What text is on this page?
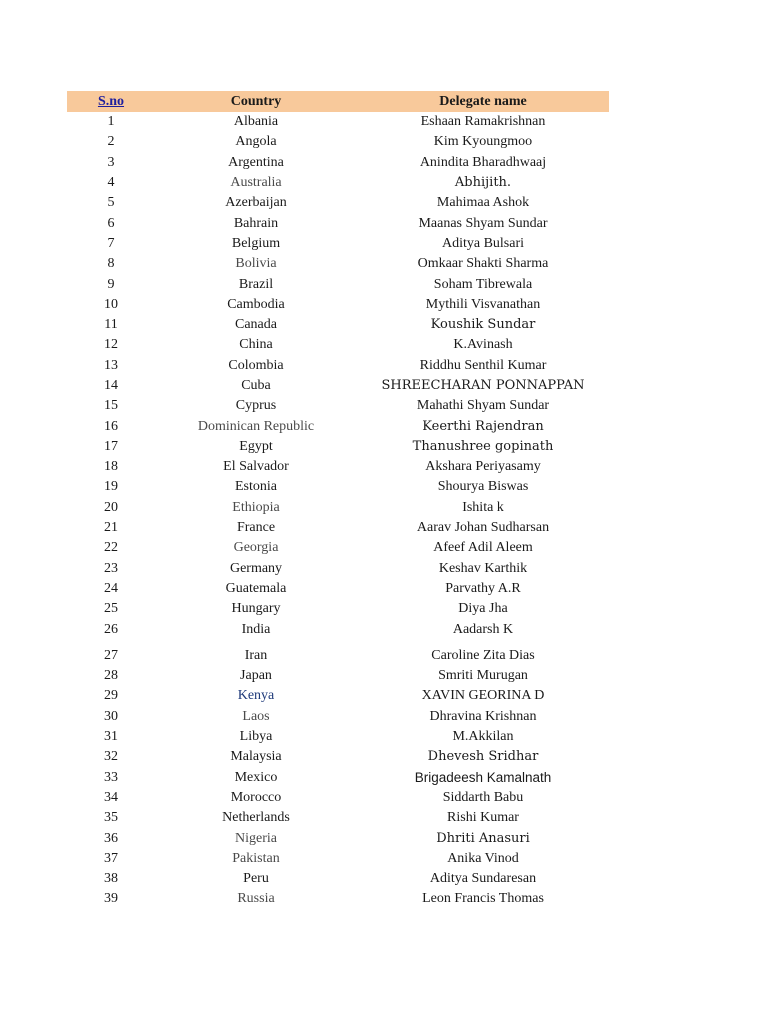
S.no	Country	Delegate name
1	Albania	Eshaan Ramakrishnan
2	Angola	Kim Kyoungmoo
3	Argentina	Anindita Bharadhwaaj
4	Australia	Abhijith.
5	Azerbaijan	Mahimaa Ashok
6	Bahrain	Maanas Shyam Sundar
7	Belgium	Aditya Bulsari
8	Bolivia	Omkaar Shakti Sharma
9	Brazil	Soham Tibrewala
10	Cambodia	Mythili Visvanathan
11	Canada	Koushik Sundar
12	China	K.Avinash
13	Colombia	Riddhu Senthil Kumar
14	Cuba	SHREECHARAN PONNAPPAN
15	Cyprus	Mahathi Shyam Sundar
16	Dominican Republic	Keerthi Rajendran
17	Egypt	Thanushree gopinath
18	El Salvador	Akshara Periyasamy
19	Estonia	Shourya Biswas
20	Ethiopia	Ishita k
21	France	Aarav Johan Sudharsan
22	Georgia	Afeef Adil Aleem
23	Germany	Keshav Karthik
24	Guatemala	Parvathy A.R
25	Hungary	Diya Jha
26	India	Aadarsh K
27	Iran	Caroline Zita Dias
28	Japan	Smriti Murugan
29	Kenya	XAVIN GEORINA D
30	Laos	Dhravina Krishnan
31	Libya	M.Akkilan
32	Malaysia	Dhevesh Sridhar
33	Mexico	Brigadeesh Kamalnath
34	Morocco	Siddarth Babu
35	Netherlands	Rishi Kumar
36	Nigeria	Dhriti Anasuri
37	Pakistan	Anika Vinod
38	Peru	Aditya Sundaresan
39	Russia	Leon Francis Thomas
